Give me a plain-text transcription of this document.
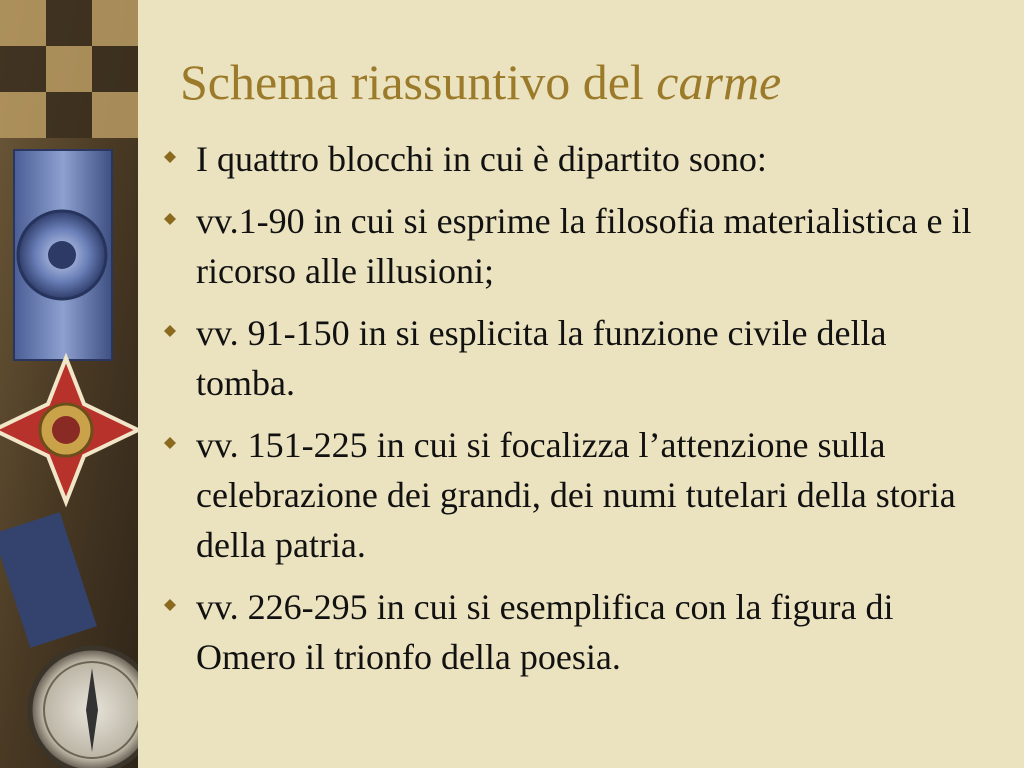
Schema riassuntivo del carme
I quattro blocchi in cui è dipartito sono:
vv.1-90 in cui si esprime la filosofia materialistica e il ricorso alle illusioni;
vv. 91-150 in si esplicita la funzione civile della tomba.
vv. 151-225 in cui si focalizza l’attenzione sulla celebrazione dei grandi, dei numi tutelari della storia della patria.
vv. 226-295 in cui si esemplifica con la figura di Omero il trionfo della poesia.
